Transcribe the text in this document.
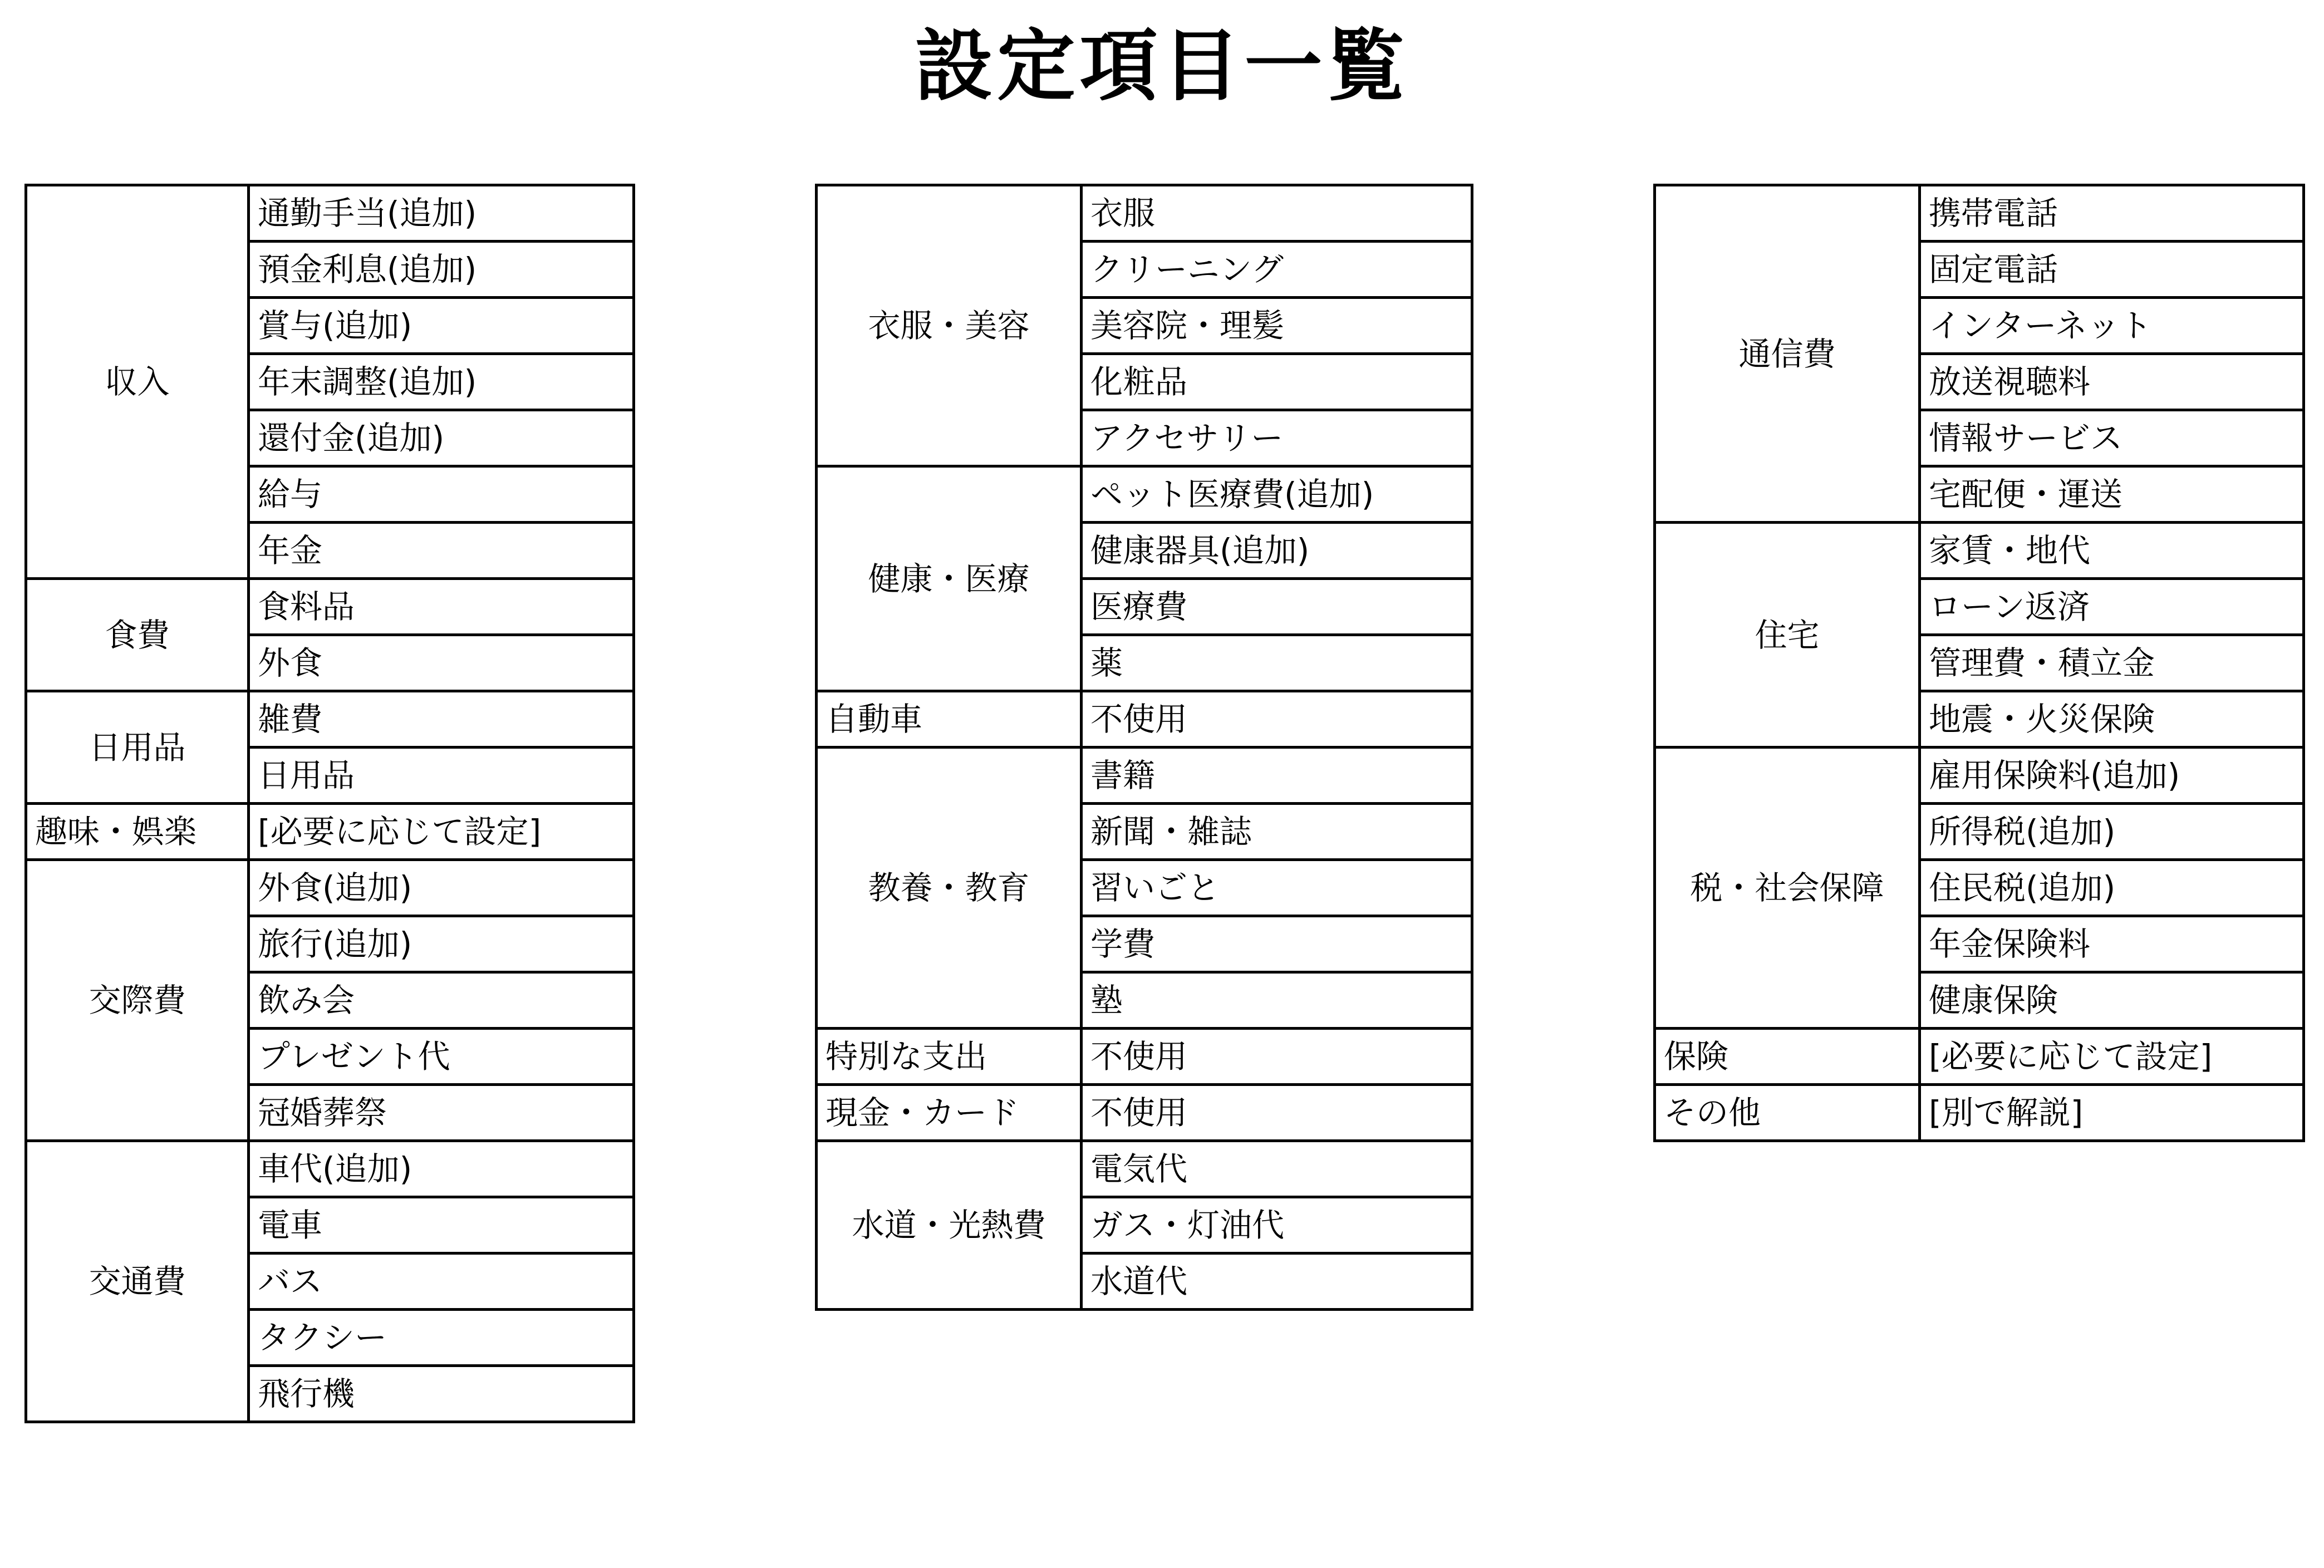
設定項目一覧
収入	通勤手当(追加)
	預金利息(追加)
	賞与(追加)
	年末調整(追加)
	還付金(追加)
	給与
	年金
食費	食料品
	外食
日用品	雑費
	日用品
趣味・娯楽	[必要に応じて設定]
交際費	外食(追加)
	旅行(追加)
	飲み会
	プレゼント代
	冠婚葬祭
交通費	車代(追加)
	電車
	バス
	タクシー
	飛行機
衣服・美容	衣服
	クリーニング
	美容院・理髪
	化粧品
	アクセサリー
健康・医療	ペット医療費(追加)
	健康器具(追加)
	医療費
	薬
自動車	不使用
教養・教育	書籍
	新聞・雑誌
	習いごと
	学費
	塾
特別な支出	不使用
現金・カード	不使用
水道・光熱費	電気代
	ガス・灯油代
	水道代
通信費	携帯電話
	固定電話
	インターネット
	放送視聴料
	情報サービス
	宅配便・運送
住宅	家賃・地代
	ローン返済
	管理費・積立金
	地震・火災保険
税・社会保障	雇用保険料(追加)
	所得税(追加)
	住民税(追加)
	年金保険料
	健康保険
保険	[必要に応じて設定]
その他	[別で解説]
